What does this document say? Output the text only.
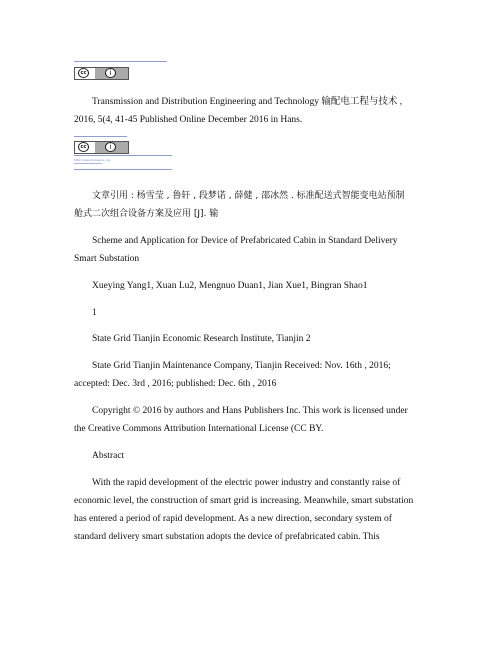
cc	i
Transmission and Distribution Engineering and Technology 输配电工程与技术 ,
2016, 5(4, 41-45 Published Online December 2016 in Hans.
cc	i
http://www.hanspub.org
文章引用 : 杨雪莹 , 鲁轩 , 段梦诺 , 薛健 , 邵冰然 . 标准配送式智能变电站预制
舱式二次组合设备方案及应用 [J]. 输
Scheme and Application for Device of Prefabricated Cabin in Standard Delivery
Smart Substation
Xueying Yang1, Xuan Lu2, Mengnuo Duan1, Jian Xue1, Bingran Shao1
1
State Grid Tianjin Economic Research Institute, Tianjin 2
State Grid Tianjin Maintenance Company, Tianjin Received: Nov. 16th , 2016;
accepted: Dec. 3rd , 2016; published: Dec. 6th , 2016
Copyright © 2016 by authors and Hans Publishers Inc. This work is licensed under
the Creative Commons Attribution International License (CC BY.
Abstract
With the rapid development of the electric power industry and constantly raise of
economic level, the construction of smart grid is increasing. Meanwhile, smart substation
has entered a period of rapid development. As a new direction, secondary system of
standard delivery smart substation adopts the device of prefabricated cabin. This
